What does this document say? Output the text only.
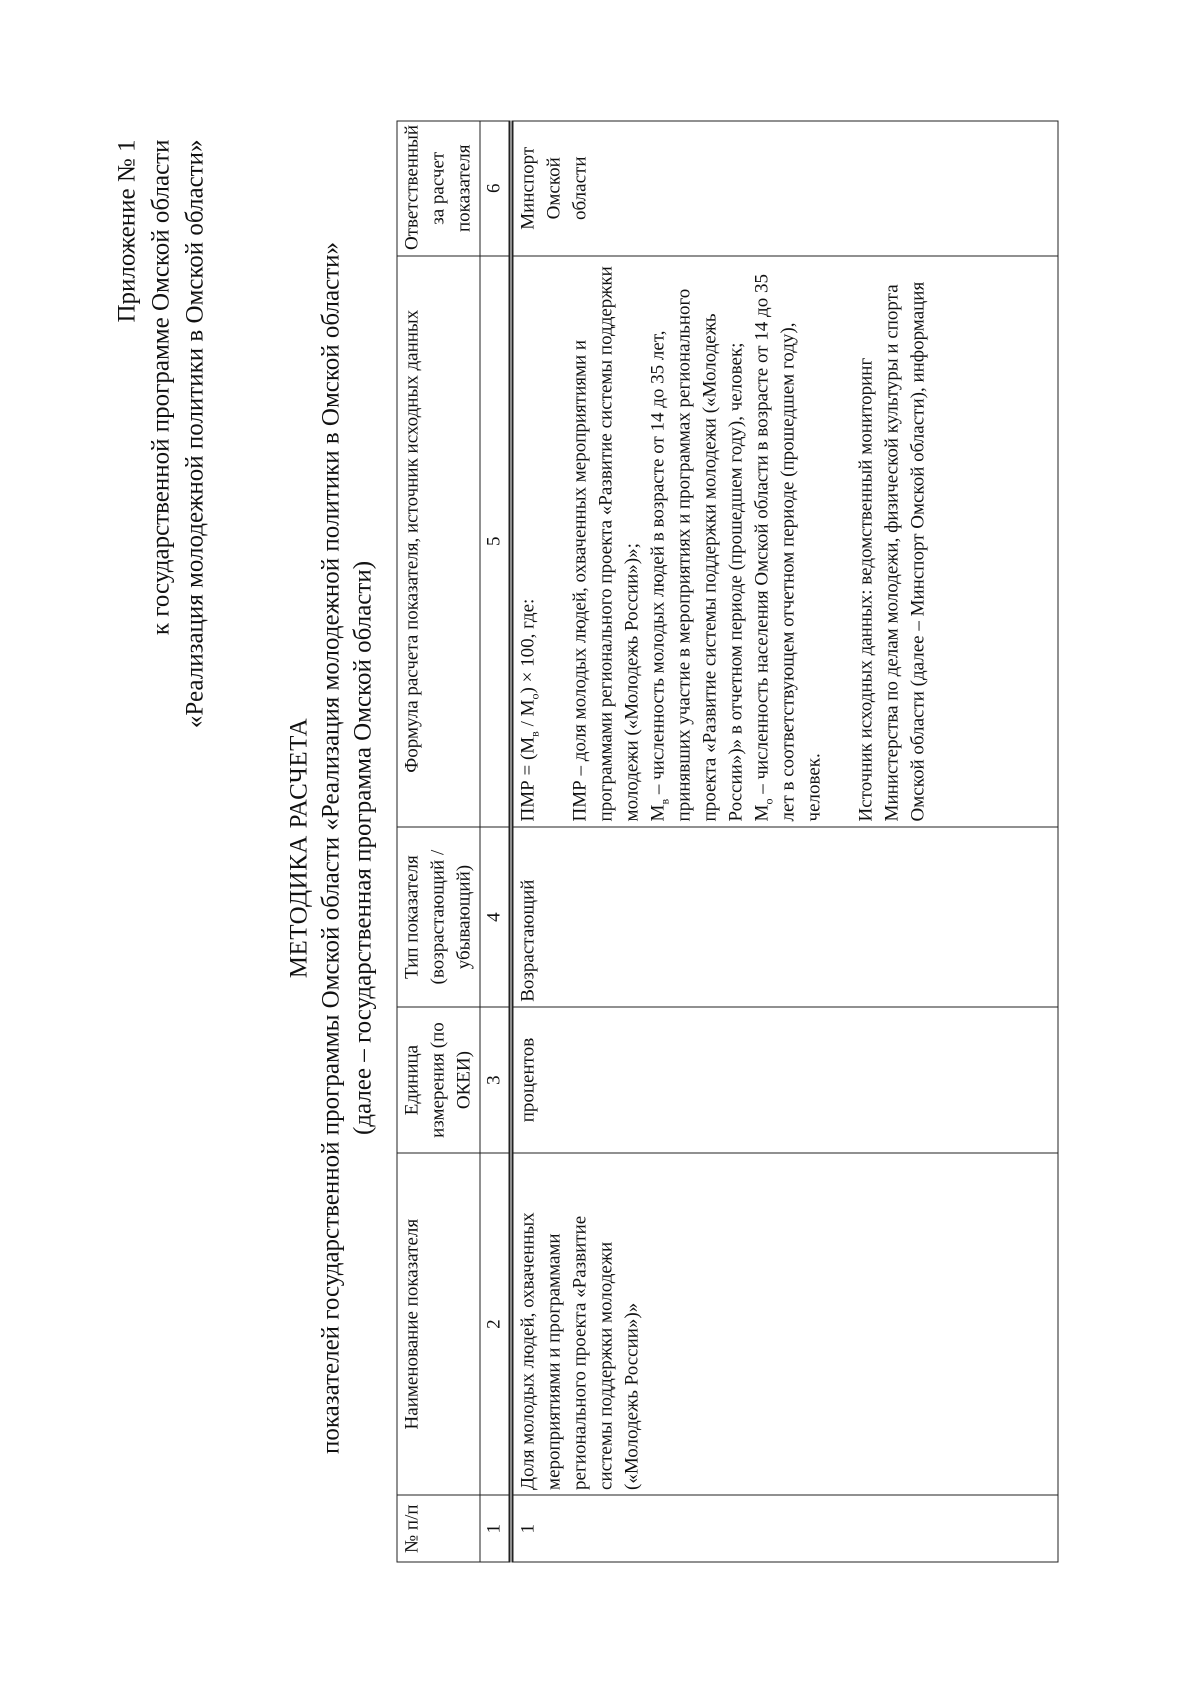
Приложение № 1 к государственной программе Омской области «Реализация молодежной политики в Омской области»
МЕТОДИКА РАСЧЕТА показателей государственной программы Омской области «Реализация молодежной политики в Омской области» (далее – государственная программа Омской области)
№ п/п	Наименование показателя	Единица измерения (по ОКЕИ)	Тип показателя (возрастающий / убывающий)	Формула расчета показателя, источник исходных данных	Ответственный за расчет показателя
1	2	3	4	5	6
1	Доля молодых людей, охваченных мероприятиями и программами регионального проекта «Развитие системы поддержки молодежи («Молодежь России»)»	процентов	Возрастающий	ПМР = $(М_в / М_о) \times 100$, где: ПМР – доля молодых людей, охваченных мероприятиями и программами регионального проекта «Развитие системы поддержки молодежи («Молодежь России»)»; $М_в$ – численность молодых людей в возрасте от 14 до 35 лет, принявших участие в мероприятиях и программах регионального проекта «Развитие системы поддержки молодежи («Молодежь России»)» в отчетном периоде (прошедшем году), человек; $М_о$ – численность населения Омской области в возрасте от 14 до 35 лет в соответствующем отчетном периоде (прошедшем году), человек. Источник исходных данных: ведомственный мониторинг Министерства по делам молодежи, физической культуры и спорта Омской области (далее – Минспорт Омской области), информация	Минспорт Омской области
